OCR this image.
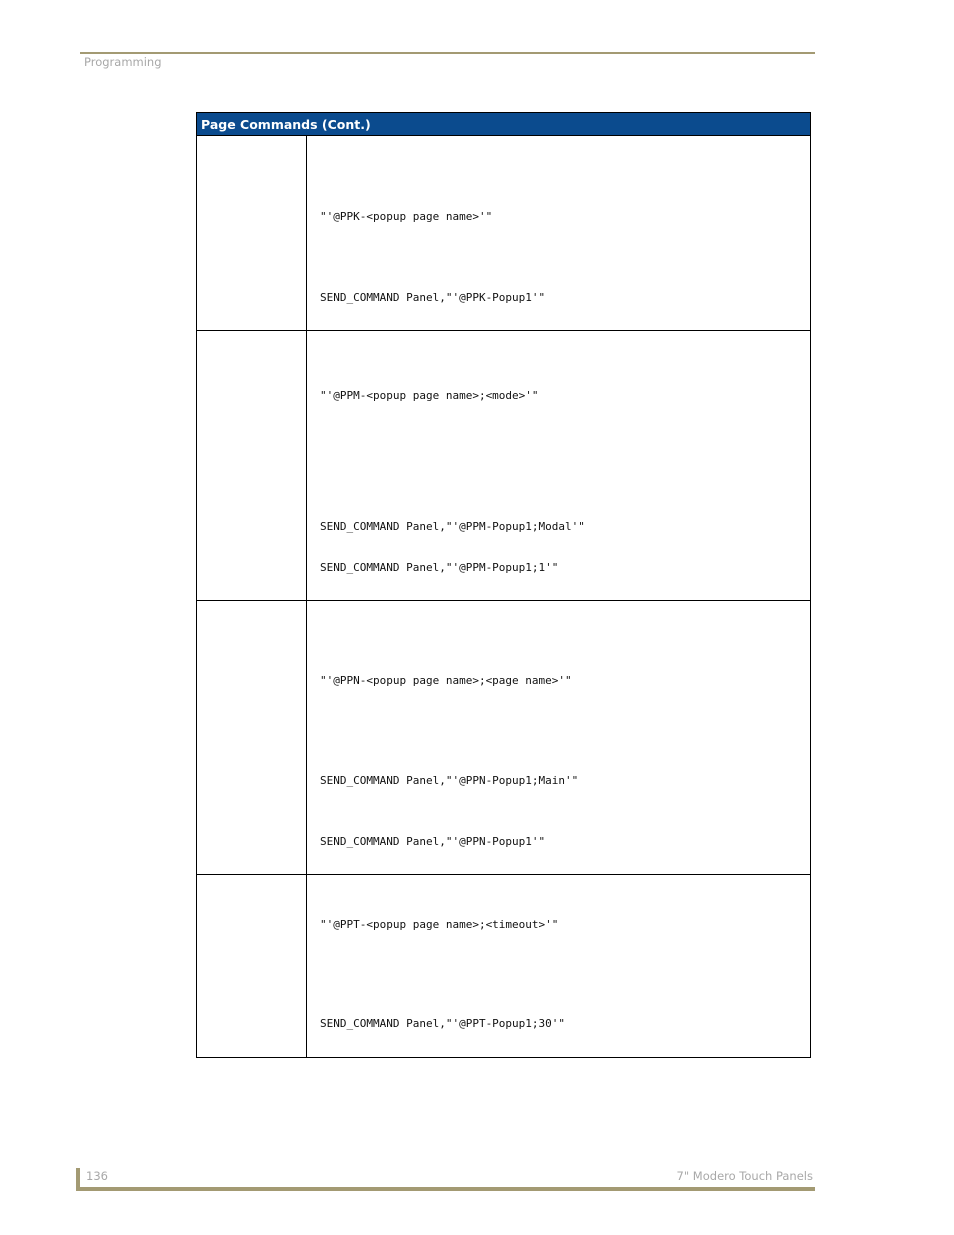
Programming
Page Commands (Cont.)	

	"'@PPK-<popup page name>'"
SEND_COMMAND Panel,"'@PPK-Popup1'"

	"'@PPM-<popup page name>;<mode>'"
SEND_COMMAND Panel,"'@PPM-Popup1;Modal'"
SEND_COMMAND Panel,"'@PPM-Popup1;1'"

	"'@PPN-<popup page name>;<page name>'"
SEND_COMMAND Panel,"'@PPN-Popup1;Main'"
SEND_COMMAND Panel,"'@PPN-Popup1'"

	"'@PPT-<popup page name>;<timeout>'"
SEND_COMMAND Panel,"'@PPT-Popup1;30'"
136	7" Modero Touch Panels
